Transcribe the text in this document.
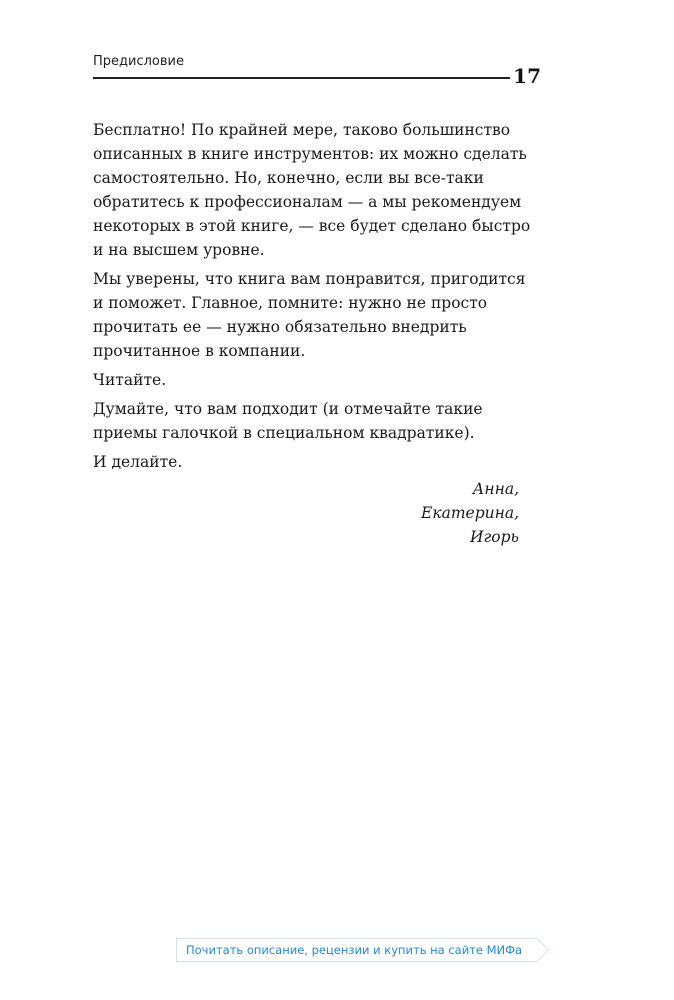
Предисловие
17

Бесплатно! По крайней мере, таково большинство описанных в книге инструментов: их можно сделать самостоятельно. Но, конечно, если вы все-таки обратитесь к профессионалам — а мы рекомендуем некоторых в этой книге, — все будет сделано быстро и на высшем уровне.

Мы уверены, что книга вам понравится, пригодится и поможет. Главное, помните: нужно не просто прочитать ее — нужно обязательно внедрить прочитанное в компании.

Читайте.

Думайте, что вам подходит (и отмечайте такие приемы галочкой в специальном квадратике).

И делайте.

Анна,
Екатерина,
Игорь
Почитать описание, рецензии и купить на сайте МИФа
